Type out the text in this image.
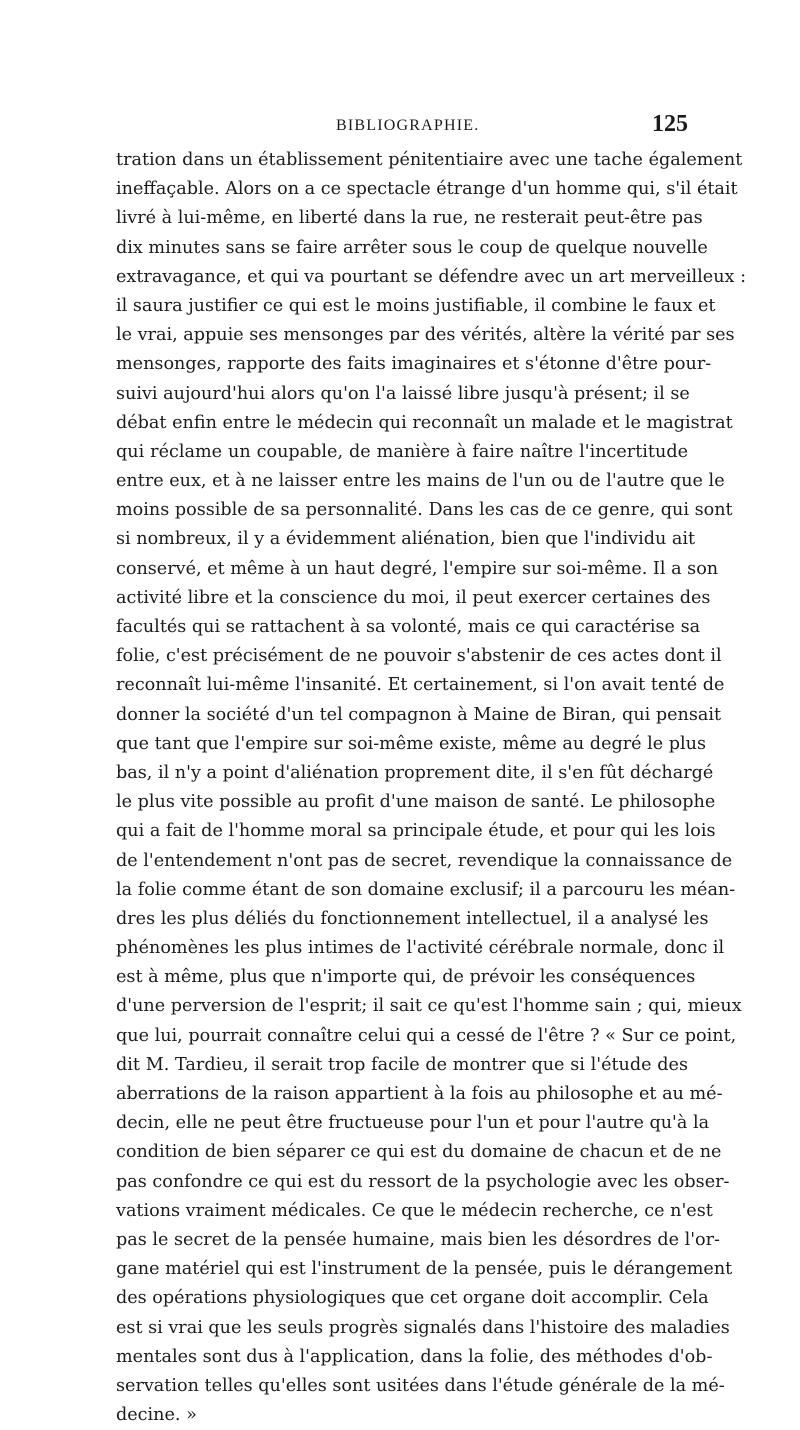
BIBLIOGRAPHIE.	125
tration dans un établissement pénitentiaire avec une tache également
ineffaçable. Alors on a ce spectacle étrange d'un homme qui, s'il était
livré à lui-même, en liberté dans la rue, ne resterait peut-être pas
dix minutes sans se faire arrêter sous le coup de quelque nouvelle
extravagance, et qui va pourtant se défendre avec un art merveilleux :
il saura justifier ce qui est le moins justifiable, il combine le faux et
le vrai, appuie ses mensonges par des vérités, altère la vérité par ses
mensonges, rapporte des faits imaginaires et s'étonne d'être pour-
suivi aujourd'hui alors qu'on l'a laissé libre jusqu'à présent; il se
débat enfin entre le médecin qui reconnaît un malade et le magistrat
qui réclame un coupable, de manière à faire naître l'incertitude
entre eux, et à ne laisser entre les mains de l'un ou de l'autre que le
moins possible de sa personnalité. Dans les cas de ce genre, qui sont
si nombreux, il y a évidemment aliénation, bien que l'individu ait
conservé, et même à un haut degré, l'empire sur soi-même. Il a son
activité libre et la conscience du moi, il peut exercer certaines des
facultés qui se rattachent à sa volonté, mais ce qui caractérise sa
folie, c'est précisément de ne pouvoir s'abstenir de ces actes dont il
reconnaît lui-même l'insanité. Et certainement, si l'on avait tenté de
donner la société d'un tel compagnon à Maine de Biran, qui pensait
que tant que l'empire sur soi-même existe, même au degré le plus
bas, il n'y a point d'aliénation proprement dite, il s'en fût déchargé
le plus vite possible au profit d'une maison de santé. Le philosophe
qui a fait de l'homme moral sa principale étude, et pour qui les lois
de l'entendement n'ont pas de secret, revendique la connaissance de
la folie comme étant de son domaine exclusif; il a parcouru les méan-
dres les plus déliés du fonctionnement intellectuel, il a analysé les
phénomènes les plus intimes de l'activité cérébrale normale, donc il
est à même, plus que n'importe qui, de prévoir les conséquences
d'une perversion de l'esprit; il sait ce qu'est l'homme sain ; qui, mieux
que lui, pourrait connaître celui qui a cessé de l'être ? « Sur ce point,
dit M. Tardieu, il serait trop facile de montrer que si l'étude des
aberrations de la raison appartient à la fois au philosophe et au mé-
decin, elle ne peut être fructueuse pour l'un et pour l'autre qu'à la
condition de bien séparer ce qui est du domaine de chacun et de ne
pas confondre ce qui est du ressort de la psychologie avec les obser-
vations vraiment médicales. Ce que le médecin recherche, ce n'est
pas le secret de la pensée humaine, mais bien les désordres de l'or-
gane matériel qui est l'instrument de la pensée, puis le dérangement
des opérations physiologiques que cet organe doit accomplir. Cela
est si vrai que les seuls progrès signalés dans l'histoire des maladies
mentales sont dus à l'application, dans la folie, des méthodes d'ob-
servation telles qu'elles sont usitées dans l'étude générale de la mé-
decine. »
